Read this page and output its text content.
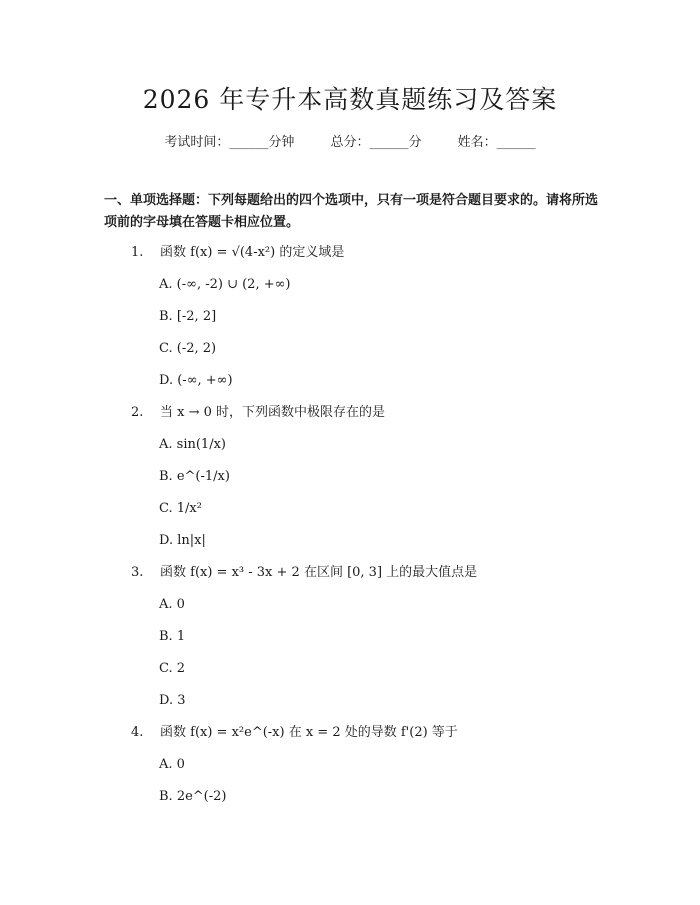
2026 年专升本高数真题练习及答案
考试时间：______分钟	总分：______分	姓名：______
一、单项选择题：下列每题给出的四个选项中，只有一项是符合题目要求的。请将所选项前的字母填在答题卡相应位置。
1. 函数 f(x) = √(4-x²) 的定义域是
A. (-∞, -2) ∪ (2, +∞)
B. [-2, 2]
C. (-2, 2)
D. (-∞, +∞)
2. 当 x → 0 时，下列函数中极限存在的是
A. sin(1/x)
B. e^(-1/x)
C. 1/x²
D. ln|x|
3. 函数 f(x) = x³ - 3x + 2 在区间 [0, 3] 上的最大值点是
A. 0
B. 1
C. 2
D. 3
4. 函数 f(x) = x²e^(-x) 在 x = 2 处的导数 f'(2) 等于
A. 0
B. 2e^(-2)
